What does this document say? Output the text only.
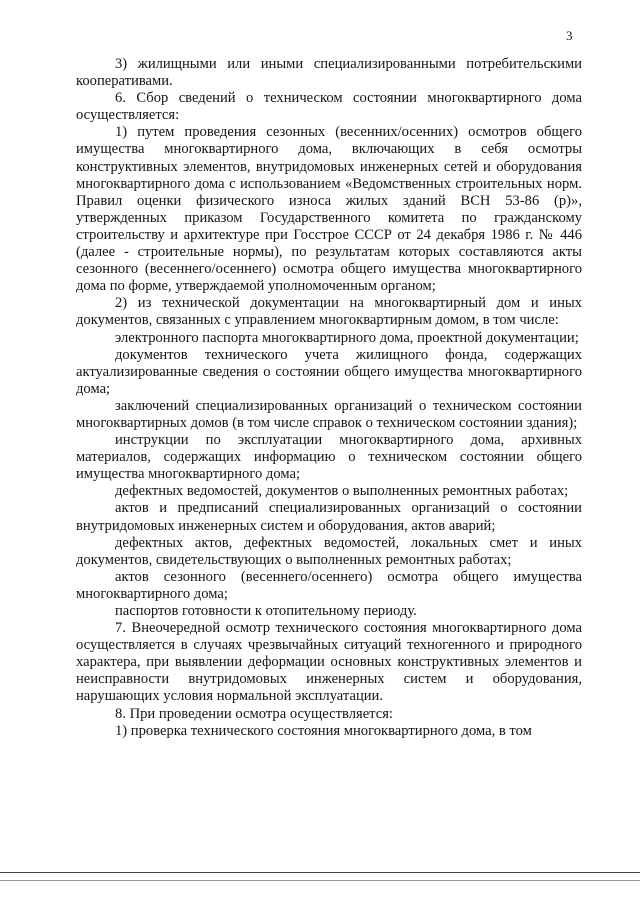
3

3) жилищными или иными специализированными потребительскими кооперативами.

6. Сбор сведений о техническом состоянии многоквартирного дома осуществляется:

1) путем проведения сезонных (весенних/осенних) осмотров общего имущества многоквартирного дома, включающих в себя осмотры конструктивных элементов, внутридомовых инженерных сетей и оборудования многоквартирного дома с использованием «Ведомственных строительных норм. Правил оценки физического износа жилых зданий ВСН 53-86 (р)», утвержденных приказом Государственного комитета по гражданскому строительству и архитектуре при Госстрое СССР от 24 декабря 1986 г. № 446 (далее - строительные нормы), по результатам которых составляются акты сезонного (весеннего/осеннего) осмотра общего имущества многоквартирного дома по форме, утверждаемой уполномоченным органом;

2) из технической документации на многоквартирный дом и иных документов, связанных с управлением многоквартирным домом, в том числе:

электронного паспорта многоквартирного дома, проектной документации;

документов технического учета жилищного фонда, содержащих актуализированные сведения о состоянии общего имущества многоквартирного дома;

заключений специализированных организаций о техническом состоянии многоквартирных домов (в том числе справок о техническом состоянии здания);

инструкции по эксплуатации многоквартирного дома, архивных материалов, содержащих информацию о техническом состоянии общего имущества многоквартирного дома;

дефектных ведомостей, документов о выполненных ремонтных работах;

актов и предписаний специализированных организаций о состоянии внутридомовых инженерных систем и оборудования, актов аварий;

дефектных актов, дефектных ведомостей, локальных смет и иных документов, свидетельствующих о выполненных ремонтных работах;

актов сезонного (весеннего/осеннего) осмотра общего имущества многоквартирного дома;

паспортов готовности к отопительному периоду.

7. Внеочередной осмотр технического состояния многоквартирного дома осуществляется в случаях чрезвычайных ситуаций техногенного и природного характера, при выявлении деформации основных конструктивных элементов и неисправности внутридомовых инженерных систем и оборудования, нарушающих условия нормальной эксплуатации.

8. При проведении осмотра осуществляется:

1) проверка технического состояния многоквартирного дома, в том
